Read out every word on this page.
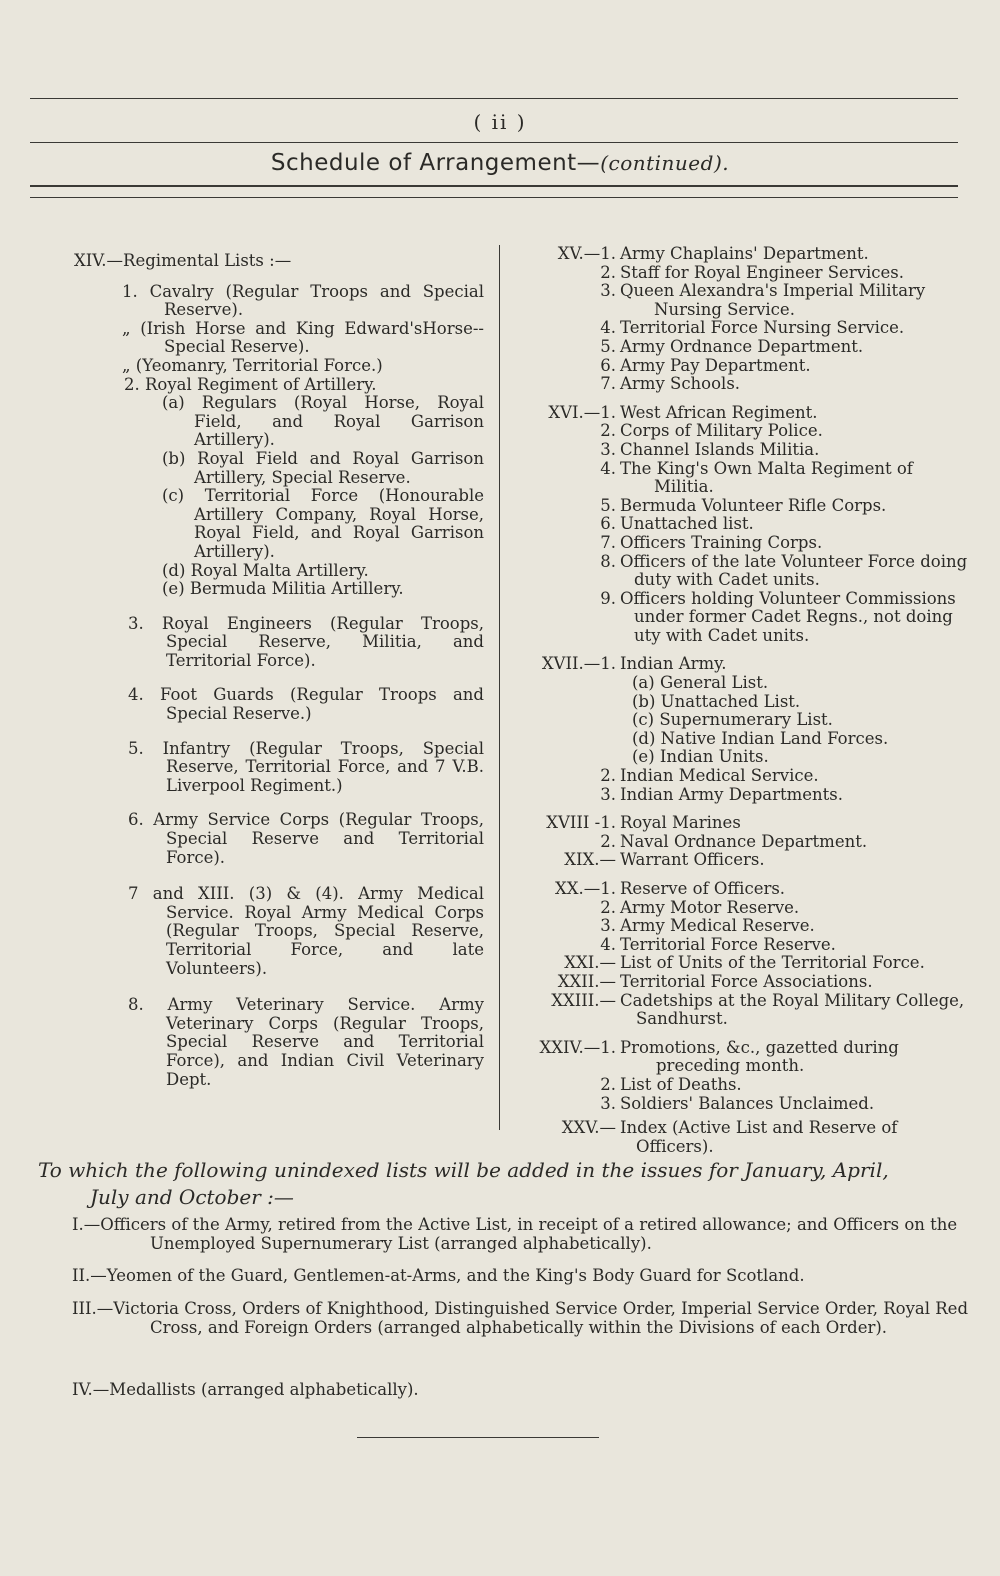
( ii )
Schedule of Arrangement—(continued).

XIV.—Regimental Lists :—

1. Cavalry (Regular Troops and Special Reserve).

„ (Irish Horse and King Edward'sHorse--Special Reserve).

„ (Yeomanry, Territorial Force.)

2. Royal Regiment of Artillery.

(a) Regulars (Royal Horse, Royal Field, and Royal Garrison Artillery).

(b) Royal Field and Royal Garrison Artillery, Special Reserve.

(c) Territorial Force (Honourable Artillery Company, Royal Horse, Royal Field, and Royal Garrison Artillery).

(d) Royal Malta Artillery.

(e) Bermuda Militia Artillery.

3. Royal Engineers (Regular Troops, Special Reserve, Militia, and Territorial Force).

4. Foot Guards (Regular Troops and Special Reserve.)

5. Infantry (Regular Troops, Special Reserve, Territorial Force, and 7 V.B. Liverpool Regiment.)

6. Army Service Corps (Regular Troops, Special Reserve and Territorial Force).

7 and XIII. (3) & (4). Army Medical Service. Royal Army Medical Corps (Regular Troops, Special Reserve, Territorial Force, and late Volunteers).

8. Army Veterinary Service. Army Veterinary Corps (Regular Troops, Special Reserve and Territorial Force), and Indian Civil Veterinary Dept.

XV.—1. Army Chaplains' Department.
2. Staff for Royal Engineer Services.
3. Queen Alexandra's Imperial Military Nursing Service.
4. Territorial Force Nursing Service.
5. Army Ordnance Department.
6. Army Pay Department.
7. Army Schools.
XVI.—1. West African Regiment.
2. Corps of Military Police.
3. Channel Islands Militia.
4. The King's Own Malta Regiment of Militia.
5. Bermuda Volunteer Rifle Corps.
6. Unattached list.
7. Officers Training Corps.
8. Officers of the late Volunteer Force doing duty with Cadet units.
9. Officers holding Volunteer Commissions under former Cadet Regns., not doing uty with Cadet units.
XVII.—1. Indian Army.
(a) General List.
(b) Unattached List.
(c) Supernumerary List.
(d) Native Indian Land Forces.
(e) Indian Units.
2. Indian Medical Service.
3. Indian Army Departments.
XVIII -1. Royal Marines
2. Naval Ordnance Department.
XIX.— Warrant Officers.
XX.—1. Reserve of Officers.
2. Army Motor Reserve.
3. Army Medical Reserve.
4. Territorial Force Reserve.
XXI.— List of Units of the Territorial Force.
XXII.— Territorial Force Associations.
XXIII.— Cadetships at the Royal Military College, Sandhurst.
XXIV.—1. Promotions, &c., gazetted during preceding month.
2. List of Deaths.
3. Soldiers' Balances Unclaimed.
XXV.— Index (Active List and Reserve of Officers).
To which the following unindexed lists will be added in the issues for January, April,
July and October :—
I.—Officers of the Army, retired from the Active List, in receipt of a retired allowance; and Officers on the Unemployed Supernumerary List (arranged alphabetically).
II.—Yeomen of the Guard, Gentlemen-at-Arms, and the King's Body Guard for Scotland.
III.—Victoria Cross, Orders of Knighthood, Distinguished Service Order, Imperial Service Order, Royal Red Cross, and Foreign Orders (arranged alphabetically within the Divisions of each Order).
IV.—Medallists (arranged alphabetically).
